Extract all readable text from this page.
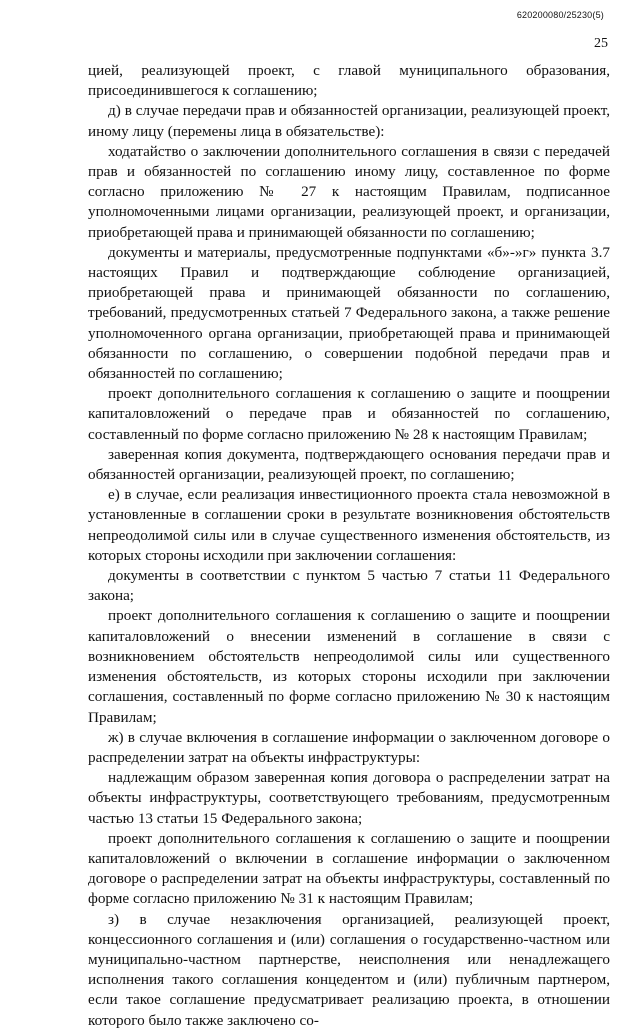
620200080/25230(5)
25

цией, реализующей проект, с главой муниципального образования, присоединившегося к соглашению;

д) в случае передачи прав и обязанностей организации, реализующей проект, иному лицу (перемены лица в обязательстве):

ходатайство о заключении дополнительного соглашения в связи с передачей прав и обязанностей по соглашению иному лицу, составленное по форме согласно приложению № 27 к настоящим Правилам, подписанное уполномоченными лицами организации, реализующей проект, и организации, приобретающей права и принимающей обязанности по соглашению;

документы и материалы, предусмотренные подпунктами «б»-»г» пункта 3.7 настоящих Правил и подтверждающие соблюдение организацией, приобретающей права и принимающей обязанности по соглашению, требований, предусмотренных статьей 7 Федерального закона, а также решение уполномоченного органа организации, приобретающей права и принимающей обязанности по соглашению, о совершении подобной передачи прав и обязанностей по соглашению;

проект дополнительного соглашения к соглашению о защите и поощрении капиталовложений о передаче прав и обязанностей по соглашению, составленный по форме согласно приложению № 28 к настоящим Правилам;

заверенная копия документа, подтверждающего основания передачи прав и обязанностей организации, реализующей проект, по соглашению;

е) в случае, если реализация инвестиционного проекта стала невозможной в установленные в соглашении сроки в результате возникновения обстоятельств непреодолимой силы или в случае существенного изменения обстоятельств, из которых стороны исходили при заключении соглашения:

документы в соответствии с пунктом 5 частью 7 статьи 11 Федерального закона;

проект дополнительного соглашения к соглашению о защите и поощрении капиталовложений о внесении изменений в соглашение в связи с возникновением обстоятельств непреодолимой силы или существенного изменения обстоятельств, из которых стороны исходили при заключении соглашения, составленный по форме согласно приложению № 30 к настоящим Правилам;

ж) в случае включения в соглашение информации о заключенном договоре о распределении затрат на объекты инфраструктуры:

надлежащим образом заверенная копия договора о распределении затрат на объекты инфраструктуры, соответствующего требованиям, предусмотренным частью 13 статьи 15 Федерального закона;

проект дополнительного соглашения к соглашению о защите и поощрении капиталовложений о включении в соглашение информации о заключенном договоре о распределении затрат на объекты инфраструктуры, составленный по форме согласно приложению № 31 к настоящим Правилам;

з) в случае незаключения организацией, реализующей проект, концессионного соглашения и (или) соглашения о государственно-частном или муниципально-частном партнерстве, неисполнения или ненадлежащего исполнения такого соглашения концедентом и (или) публичным партнером, если такое соглашение предусматривает реализацию проекта, в отношении которого было также заключено со-
